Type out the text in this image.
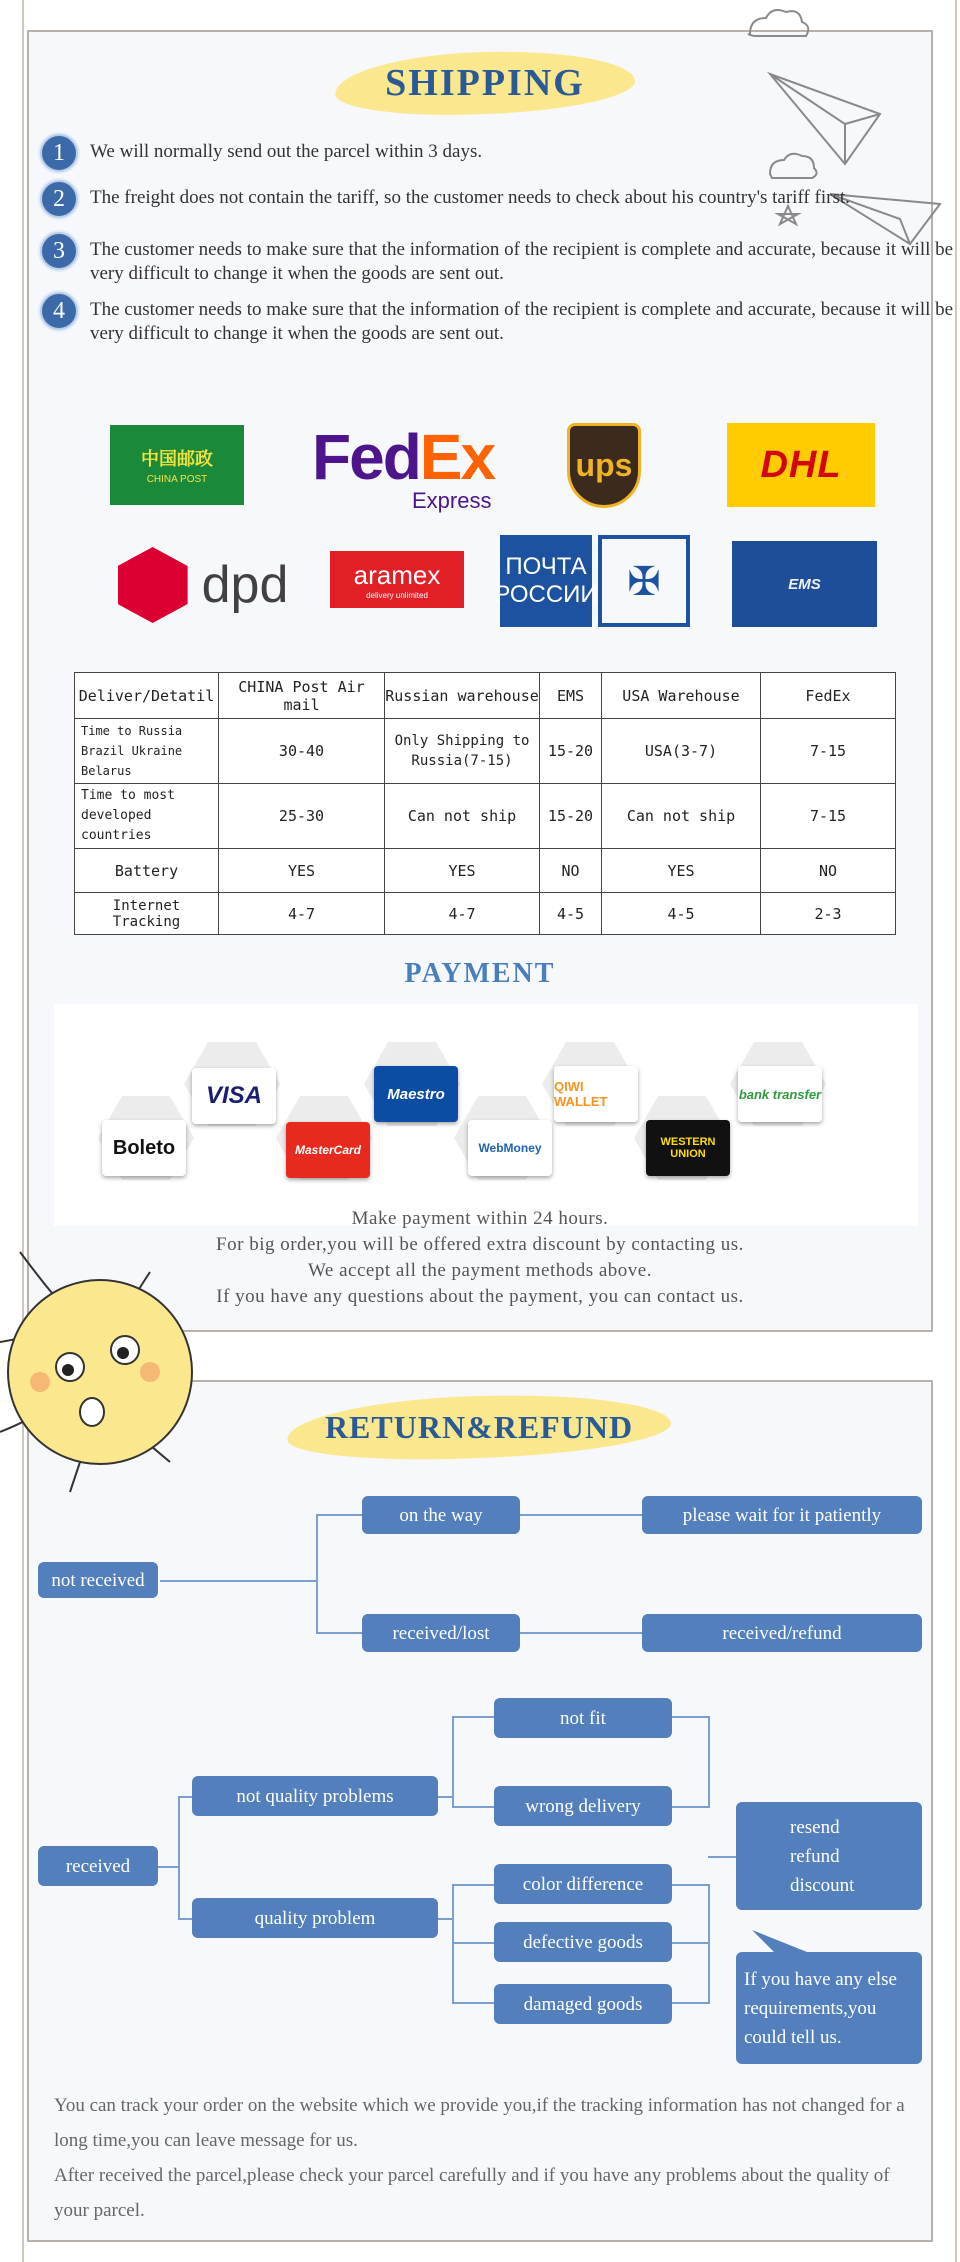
SHIPPING
1	We will normally send out the parcel within 3 days.
2	The freight does not contain the tariff, so the customer needs to check about his country's tariff first.
3	The customer needs to make sure that the information of the recipient is complete and accurate, because it will be very difficult to change it when the goods are sent out.
4	The customer needs to make sure that the information of the recipient is complete and accurate, because it will be very difficult to change it when the goods are sent out.
中国邮政
CHINA POST FedEx
Express
ups	DHL
dpd	aramex
delivery unlimited
ПОЧТА РОССИИ ✠	EMS
Deliver/Detatil	CHINA Post Air mail	Russian warehouse	EMS	USA Warehouse	FedEx
Time to Russia Brazil Ukraine Belarus	30-40	Only Shipping to Russia(7-15)	15-20	USA(3-7)	7-15
Time to most developed countries	25-30	Can not ship	15-20	Can not ship	7-15
Battery	YES	YES	NO	YES	NO
Internet Tracking	4-7	4-7	4-5	4-5	2-3
PAYMENT
Boleto
VISA
MasterCard
Maestro
WebMoney
QIWI WALLET
WESTERN UNION
bank transfer
Make payment within 24 hours.
For big order,you will be offered extra discount by contacting us.
We accept all the payment methods above.
If you have any questions about the payment, you can contact us.
RETURN&REFUND
not received
on the way	please wait for it patiently
received/lost	received/refund
received
not quality problems
quality problem
not fit
wrong delivery
color difference
defective goods
damaged goods
resend
refund
discount
If you have any else requirements,you could tell us.
You can track your order on the website which we provide you,if the tracking information has not changed for a long time,you can leave message for us.
After received the parcel,please check your parcel carefully and if you have any problems about the quality of your parcel.
